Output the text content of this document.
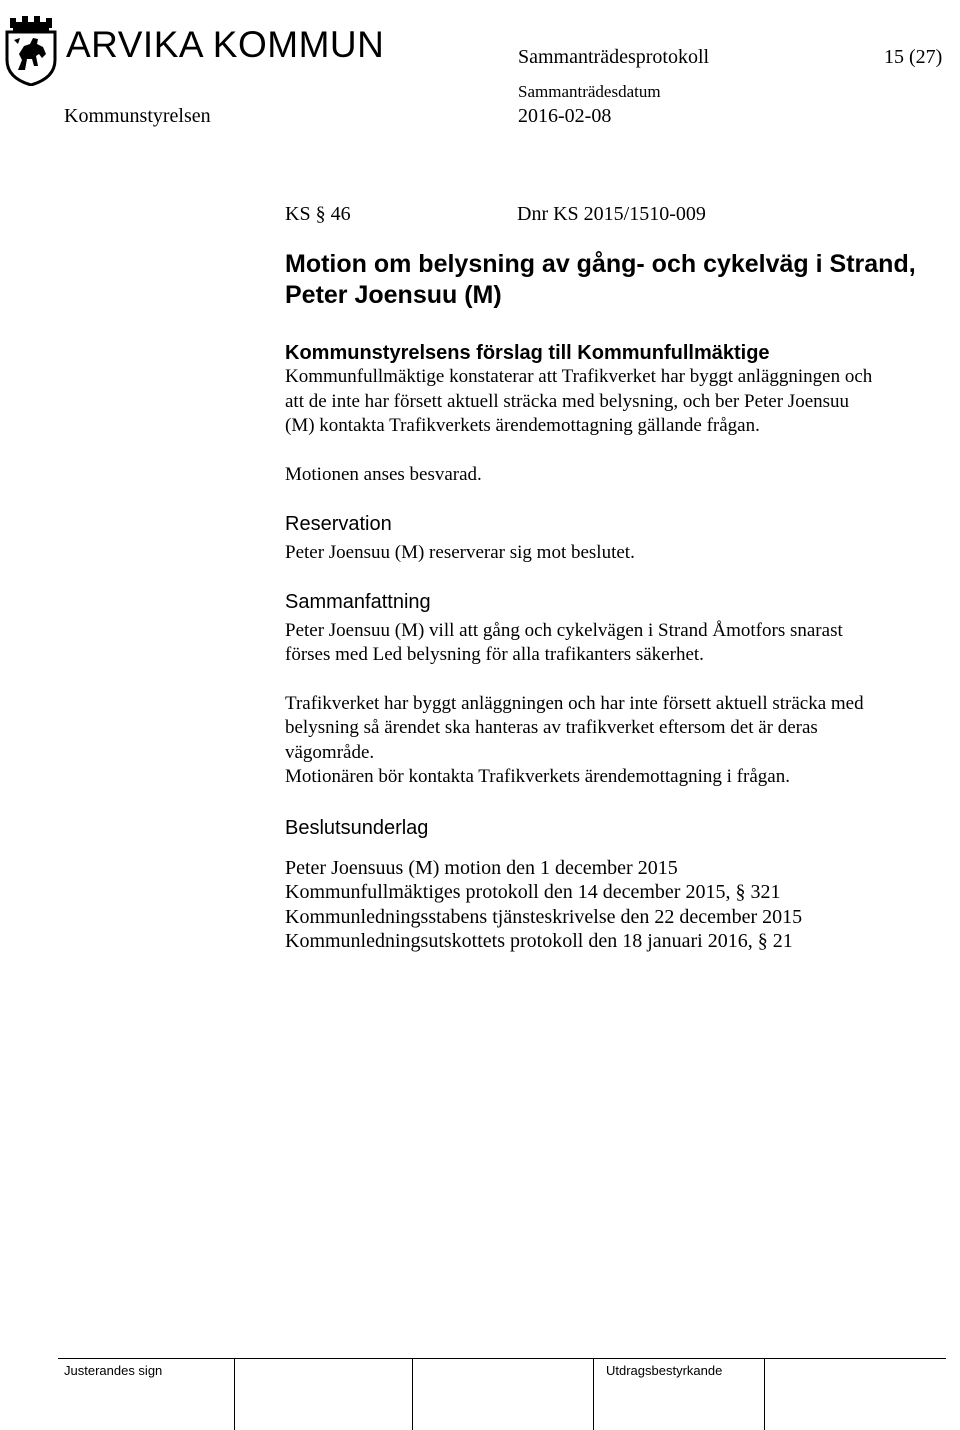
ARVIKA KOMMUN	Sammanträdesprotokoll	15 (27)
Kommunstyrelsen
Sammanträdesdatum
2016-02-08
KS § 46	Dnr KS 2015/1510-009
Motion om belysning av gång- och cykelväg i Strand,
Peter Joensuu (M)
Kommunstyrelsens förslag till Kommunfullmäktige

Kommunfullmäktige konstaterar att Trafikverket har byggt anläggningen och
att de inte har försett aktuell sträcka med belysning, och ber Peter Joensuu
(M) kontakta Trafikverkets ärendemottagning gällande frågan.

Motionen anses besvarad.

Reservation

Peter Joensuu (M) reserverar sig mot beslutet.

Sammanfattning

Peter Joensuu (M) vill att gång och cykelvägen i Strand Åmotfors snarast
förses med Led belysning för alla trafikanters säkerhet.

Trafikverket har byggt anläggningen och har inte försett aktuell sträcka med
belysning så ärendet ska hanteras av trafikverket eftersom det är deras
vägområde.
Motionären bör kontakta Trafikverkets ärendemottagning i frågan.

Beslutsunderlag
Peter Joensuus (M) motion den 1 december 2015
Kommunfullmäktiges protokoll den 14 december 2015, § 321
Kommunledningsstabens tjänsteskrivelse den 22 december 2015
Kommunledningsutskottets protokoll den 18 januari 2016, § 21
Justerandes sign	Utdragsbestyrkande
